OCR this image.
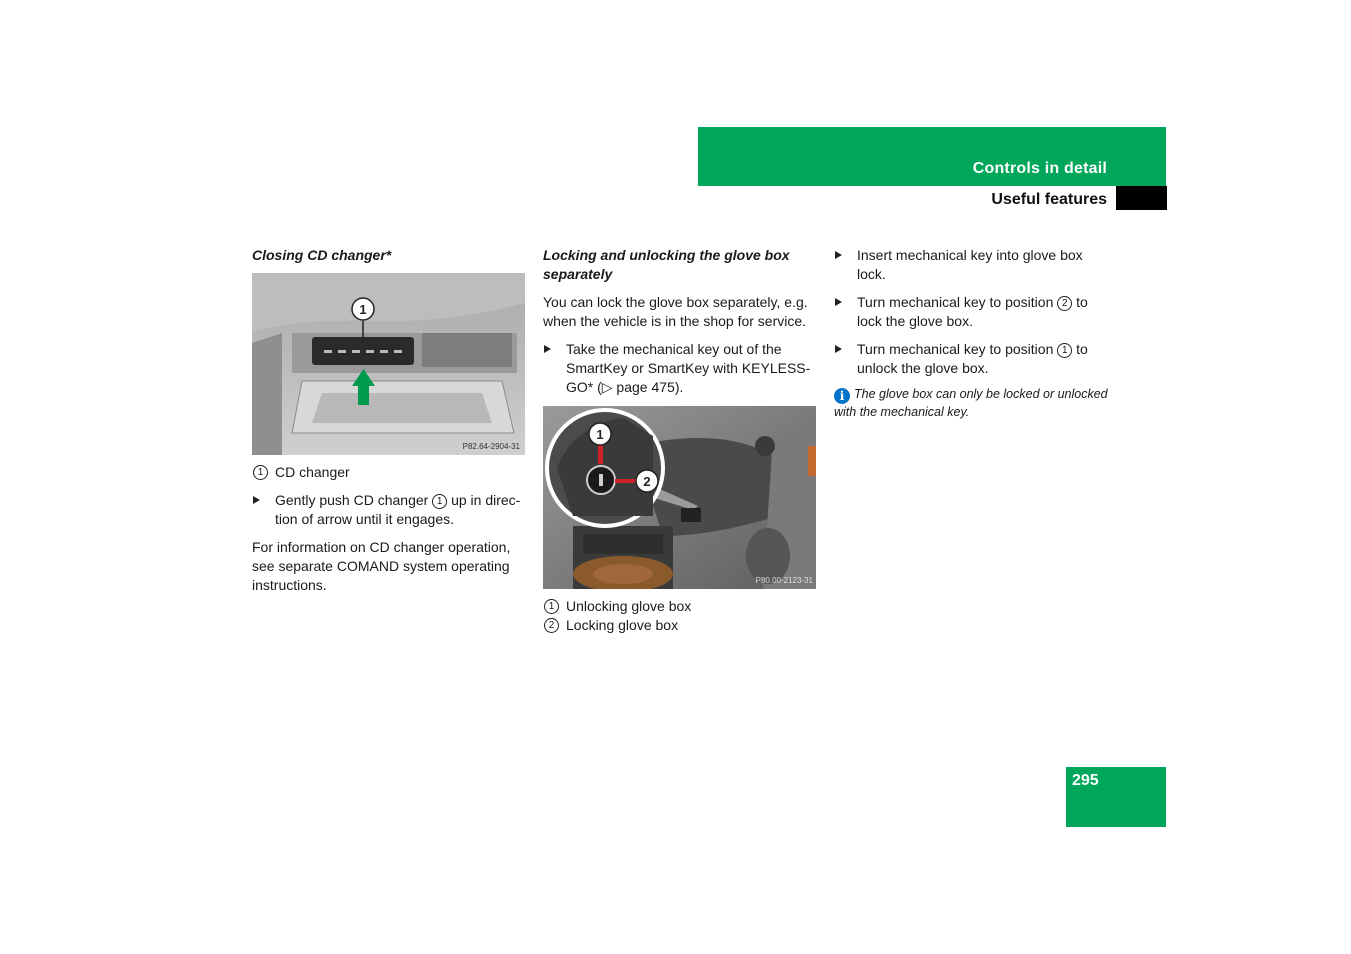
Controls in detail
Useful features

Closing CD changer*

1
P82.64-2904-31

1 CD changer

Gently push CD changer 1 up in direc-tion of arrow until it engages.

For information on CD changer operation, see separate COMAND system operating instructions.

Locking and unlocking the glove box separately

You can lock the glove box separately, e.g. when the vehicle is in the shop for service.

Take the mechanical key out of the SmartKey or SmartKey with KEYLESS-GO* (▷ page 475).

1
2
P80.00-2123-31

1 Unlocking glove box

2 Locking glove box

Insert mechanical key into glove box lock.

Turn mechanical key to position 2 to lock the glove box.

Turn mechanical key to position 1 to unlock the glove box.

i The glove box can only be locked or unlocked with the mechanical key.

295
